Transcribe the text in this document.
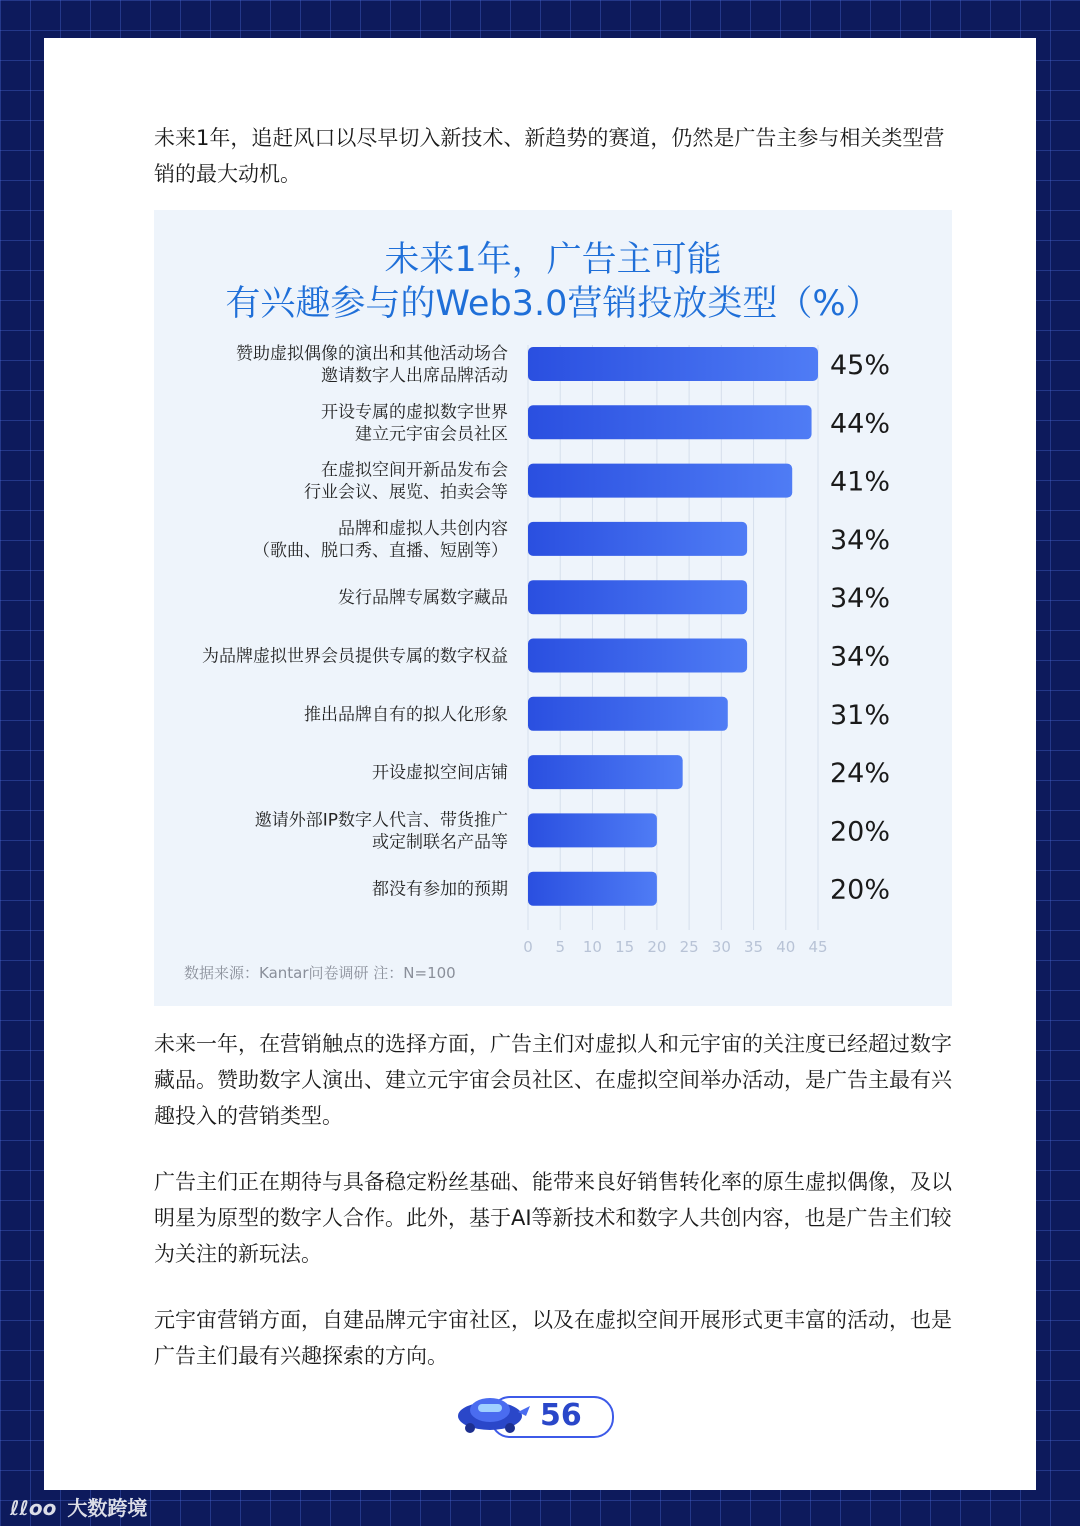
未来1年，追赶风口以尽早切入新技术、新趋势的赛道，仍然是广告主参与相关类型营销的最大动机。

未来1年，广告主可能
有兴趣参与的Web3.0营销投放类型（%）
0 5 10 15 20 25 30 35 40 45
赞助虚拟偶像的演出和其他活动场合
邀请数字人出席品牌活动	45%
开设专属的虚拟数字世界
建立元宇宙会员社区	44%
在虚拟空间开新品发布会
行业会议、展览、拍卖会等	41%
品牌和虚拟人共创内容
（歌曲、脱口秀、直播、短剧等）	34%
发行品牌专属数字藏品	34%
为品牌虚拟世界会员提供专属的数字权益	34%
推出品牌自有的拟人化形象	31%
开设虚拟空间店铺	24%
邀请外部IP数字人代言、带货推广
或定制联名产品等	20%
都没有参加的预期	20%
数据来源：Kantar问卷调研 注：N=100

未来一年，在营销触点的选择方面，广告主们对虚拟人和元宇宙的关注度已经超过数字藏品。赞助数字人演出、建立元宇宙会员社区、在虚拟空间举办活动，是广告主最有兴趣投入的营销类型。

广告主们正在期待与具备稳定粉丝基础、能带来良好销售转化率的原生虚拟偶像，及以明星为原型的数字人合作。此外，基于AI等新技术和数字人共创内容，也是广告主们较为关注的新玩法。

元宇宙营销方面，自建品牌元宇宙社区，以及在虚拟空间开展形式更丰富的活动，也是广告主们最有兴趣探索的方向。

56
ℓℓoo 大数跨境
